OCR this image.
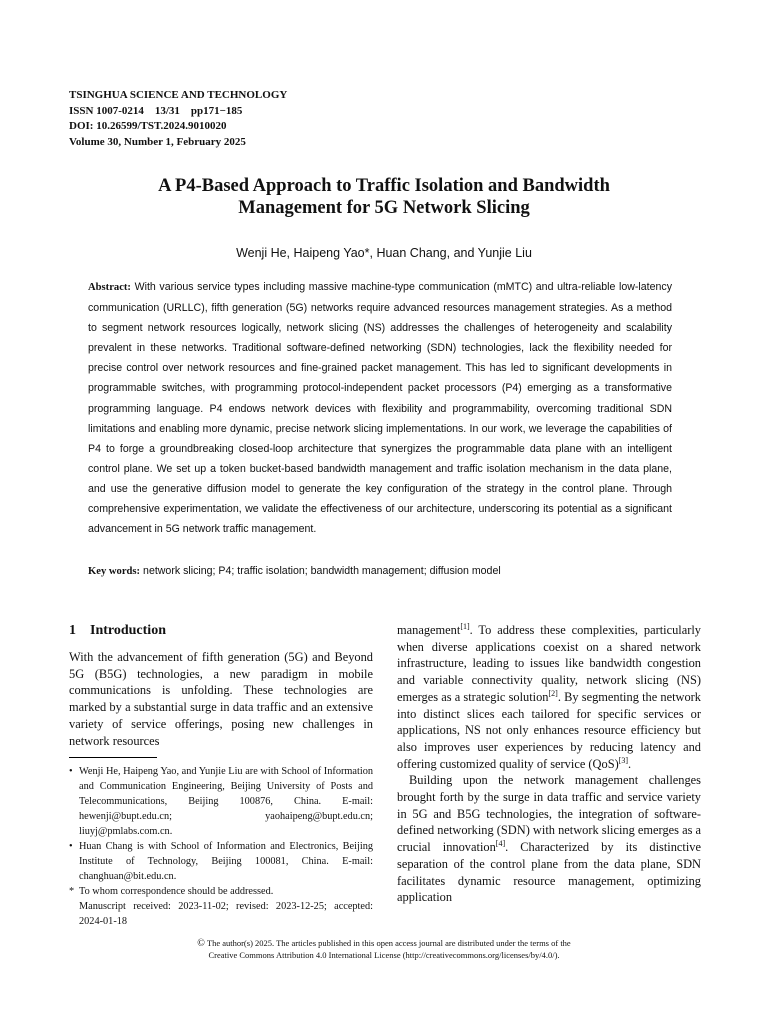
TSINGHUA SCIENCE AND TECHNOLOGY
ISSN 1007-0214    13/31    pp171−185
DOI: 10.26599/TST.2024.9010020
Volume 30, Number 1, February 2025
A P4-Based Approach to Traffic Isolation and Bandwidth
Management for 5G Network Slicing
Wenji He, Haipeng Yao*, Huan Chang, and Yunjie Liu
Abstract: With various service types including massive machine-type communication (mMTC) and ultra-reliable low-latency communication (URLLC), fifth generation (5G) networks require advanced resources management strategies. As a method to segment network resources logically, network slicing (NS) addresses the challenges of heterogeneity and scalability prevalent in these networks. Traditional software-defined networking (SDN) technologies, lack the flexibility needed for precise control over network resources and fine-grained packet management. This has led to significant developments in programmable switches, with programming protocol-independent packet processors (P4) emerging as a transformative programming language. P4 endows network devices with flexibility and programmability, overcoming traditional SDN limitations and enabling more dynamic, precise network slicing implementations. In our work, we leverage the capabilities of P4 to forge a groundbreaking closed-loop architecture that synergizes the programmable data plane with an intelligent control plane. We set up a token bucket-based bandwidth management and traffic isolation mechanism in the data plane, and use the generative diffusion model to generate the key configuration of the strategy in the control plane. Through comprehensive experimentation, we validate the effectiveness of our architecture, underscoring its potential as a significant advancement in 5G network traffic management.
Key words: network slicing; P4; traffic isolation; bandwidth management; diffusion model
1 Introduction

With the advancement of fifth generation (5G) and Beyond 5G (B5G) technologies, a new paradigm in mobile communications is unfolding. These technologies are marked by a substantial surge in data traffic and an extensive variety of service offerings, posing new challenges in network resources

• Wenji He, Haipeng Yao, and Yunjie Liu are with School of Information and Communication Engineering, Beijing University of Posts and Telecommunications, Beijing 100876, China. E-mail: hewenji@bupt.edu.cn; yaohaipeng@bupt.edu.cn; liuyj@pmlabs.com.cn.
• Huan Chang is with School of Information and Electronics, Beijing Institute of Technology, Beijing 100081, China. E-mail: changhuan@bit.edu.cn.
* To whom correspondence should be addressed.
Manuscript received: 2023-11-02; revised: 2023-12-25; accepted: 2024-01-18

management[1]. To address these complexities, particularly when diverse applications coexist on a shared network infrastructure, leading to issues like bandwidth congestion and variable connectivity quality, network slicing (NS) emerges as a strategic solution[2]. By segmenting the network into distinct slices each tailored for specific services or applications, NS not only enhances resource efficiency but also improves user experiences by reducing latency and offering customized quality of service (QoS)[3].

Building upon the network management challenges brought forth by the surge in data traffic and service variety in 5G and B5G technologies, the integration of software-defined networking (SDN) with network slicing emerges as a crucial innovation[4]. Characterized by its distinctive separation of the control plane from the data plane, SDN facilitates dynamic resource management, optimizing application

© The author(s) 2025. The articles published in this open access journal are distributed under the terms of the
Creative Commons Attribution 4.0 International License (http://creativecommons.org/licenses/by/4.0/).
